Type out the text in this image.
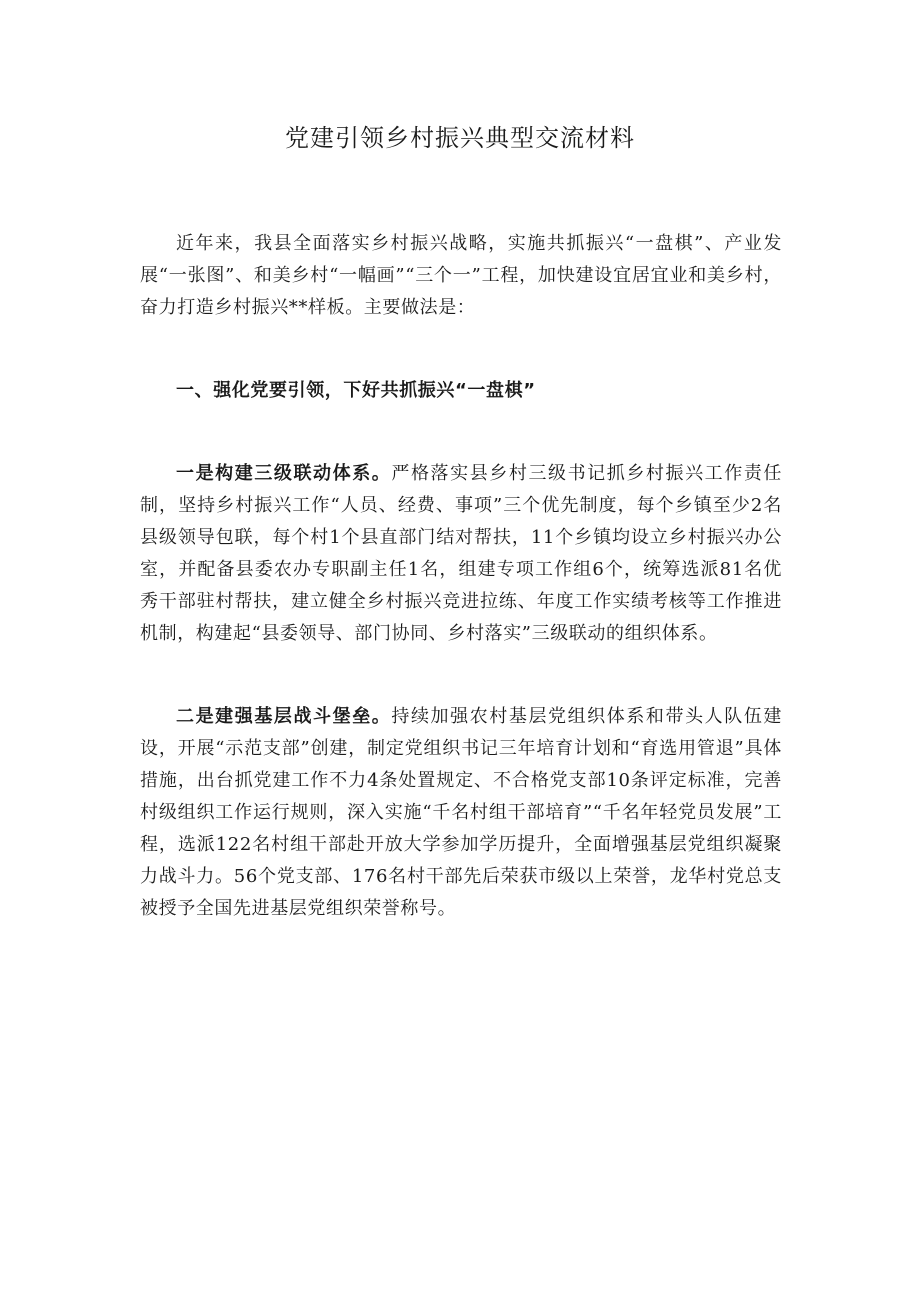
党建引领乡村振兴典型交流材料

近年来，我县全面落实乡村振兴战略，实施共抓振兴“一盘棋”、产业发展“一张图”、和美乡村“一幅画”“三个一”工程，加快建设宜居宜业和美乡村，奋力打造乡村振兴**样板。主要做法是：

一、强化党要引领，下好共抓振兴“一盘棋”

一是构建三级联动体系。严格落实县乡村三级书记抓乡村振兴工作责任制，坚持乡村振兴工作“人员、经费、事项”三个优先制度，每个乡镇至少2名县级领导包联，每个村1个县直部门结对帮扶，11个乡镇均设立乡村振兴办公室，并配备县委农办专职副主任1名，组建专项工作组6个，统筹选派81名优秀干部驻村帮扶，建立健全乡村振兴竞进拉练、年度工作实绩考核等工作推进机制，构建起“县委领导、部门协同、乡村落实”三级联动的组织体系。

二是建强基层战斗堡垒。持续加强农村基层党组织体系和带头人队伍建设，开展“示范支部”创建，制定党组织书记三年培育计划和“育选用管退”具体措施，出台抓党建工作不力4条处置规定、不合格党支部10条评定标准，完善村级组织工作运行规则，深入实施“千名村组干部培育”“千名年轻党员发展”工程，选派122名村组干部赴开放大学参加学历提升，全面增强基层党组织凝聚力战斗力。56个党支部、176名村干部先后荣获市级以上荣誉，龙华村党总支被授予全国先进基层党组织荣誉称号。
